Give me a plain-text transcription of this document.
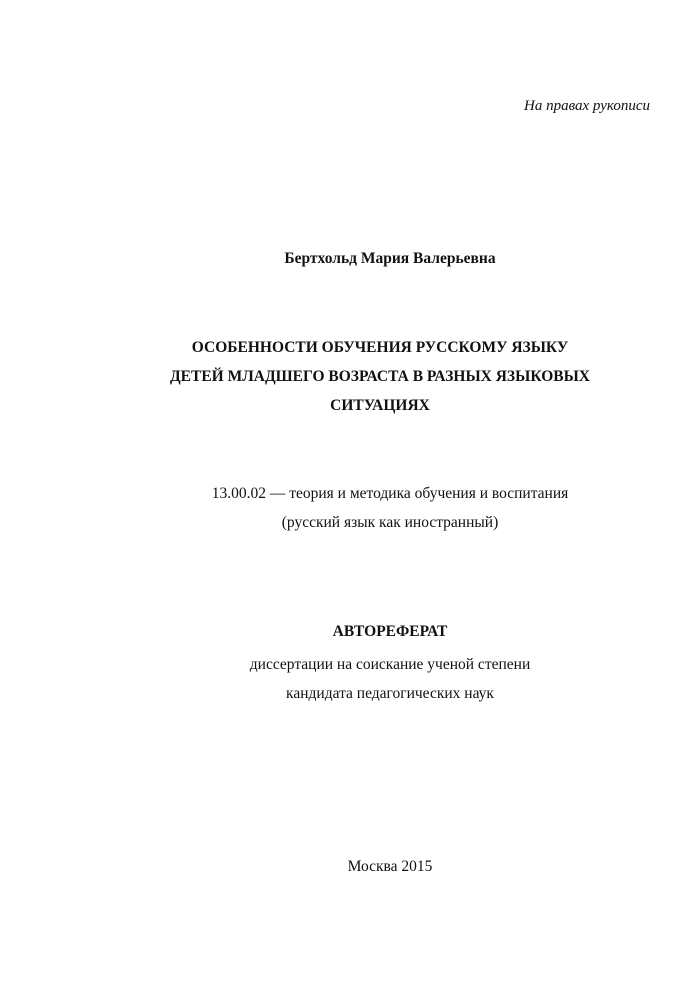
На правах рукописи
Бертхольд Мария Валерьевна
ОСОБЕННОСТИ ОБУЧЕНИЯ РУССКОМУ ЯЗЫКУ
ДЕТЕЙ МЛАДШЕГО ВОЗРАСТА В РАЗНЫХ ЯЗЫКОВЫХ
СИТУАЦИЯХ
13.00.02 — теория и методика обучения и воспитания
(русский язык как иностранный)
АВТОРЕФЕРАТ
диссертации на соискание ученой степени
кандидата педагогических наук
Москва 2015
